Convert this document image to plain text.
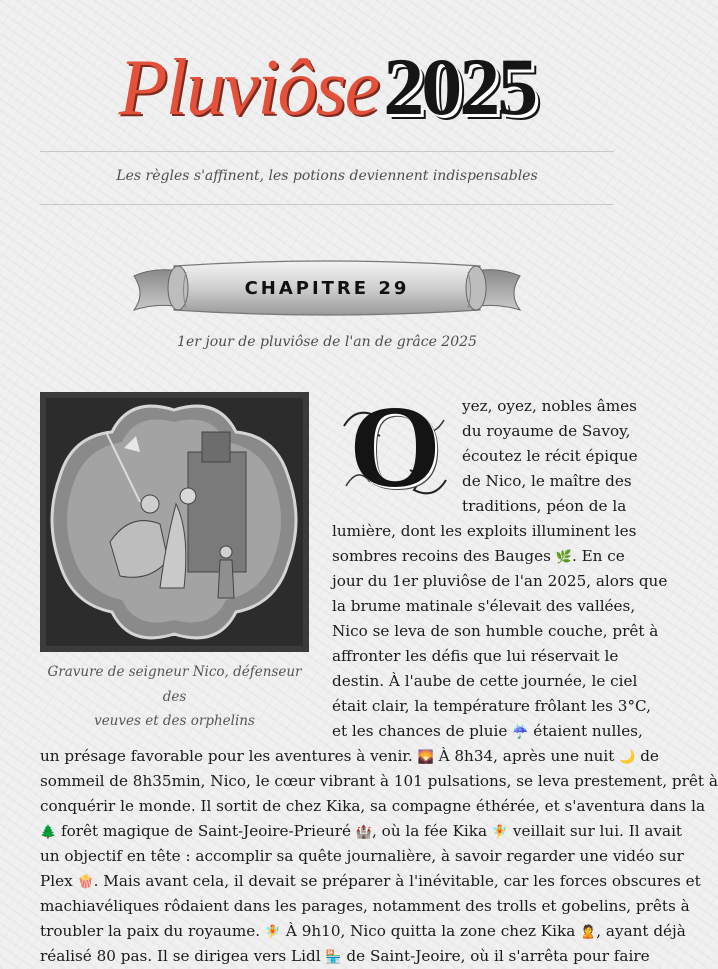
Pluviôse 2025
Les règles s'affinent, les potions deviennent indispensables
CHAPITRE 29
1er jour de pluviôse de l'an de grâce 2025
Gravure de seigneur Nico, défenseur des
veuves et des orphelins
O	yez, oyez, nobles âmes
du royaume de Savoy,
écoutez le récit épique
de Nico, le maître des
traditions, péon de la
lumière, dont les exploits illuminent les
sombres recoins des Bauges 🌿. En ce
jour du 1er pluviôse de l'an 2025, alors que
la brume matinale s'élevait des vallées,
Nico se leva de son humble couche, prêt à
affronter les défis que lui réservait le
destin. À l'aube de cette journée, le ciel
était clair, la température frôlant les 3°C,
et les chances de pluie ☔ étaient nulles,
un présage favorable pour les aventures à venir. 🌄 À 8h34, après une nuit 🌙 de
sommeil de 8h35min, Nico, le cœur vibrant à 101 pulsations, se leva prestement, prêt à
conquérir le monde. Il sortit de chez Kika, sa compagne éthérée, et s'aventura dans la
🌲 forêt magique de Saint-Jeoire-Prieuré 🏰, où la fée Kika 🧚 veillait sur lui. Il avait
un objectif en tête : accomplir sa quête journalière, à savoir regarder une vidéo sur
Plex 🍿. Mais avant cela, il devait se préparer à l'inévitable, car les forces obscures et
machiavéliques rôdaient dans les parages, notamment des trolls et gobelins, prêts à
troubler la paix du royaume. 🧚 À 9h10, Nico quitta la zone chez Kika 🙎, ayant déjà
réalisé 80 pas. Il se dirigea vers Lidl 🏪 de Saint-Jeoire, où il s'arrêta pour faire
